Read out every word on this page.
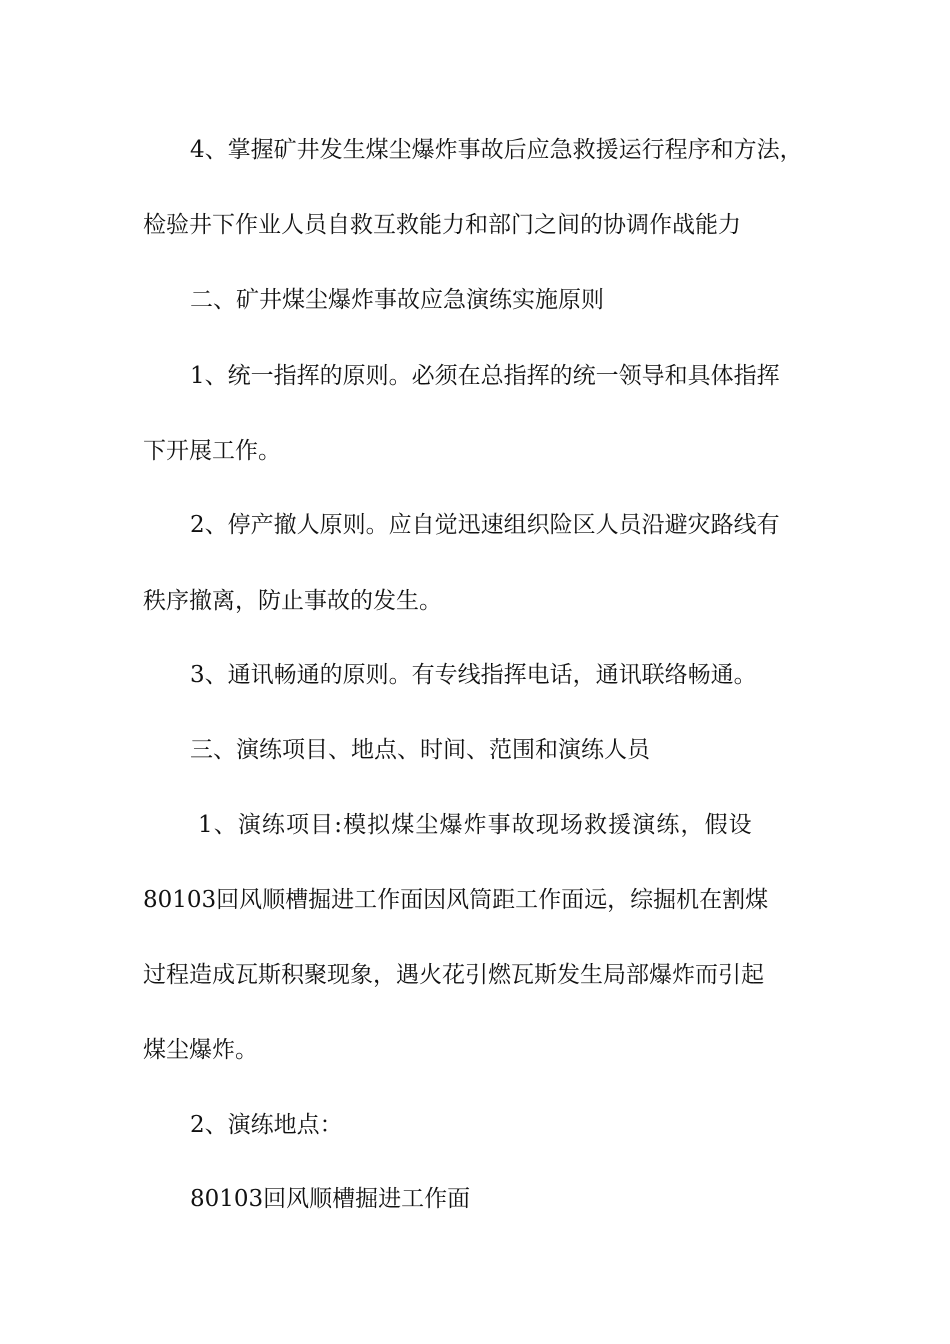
4、掌握矿井发生煤尘爆炸事故后应急救援运行程序和方法，
检验井下作业人员自救互救能力和部门之间的协调作战能力
二、矿井煤尘爆炸事故应急演练实施原则
1、统一指挥的原则。必须在总指挥的统一领导和具体指挥
下开展工作。
2、停产撤人原则。应自觉迅速组织险区人员沿避灾路线有
秩序撤离，防止事故的发生。
3、通讯畅通的原则。有专线指挥电话，通讯联络畅通。
三、演练项目、地点、时间、范围和演练人员
1、演练项目:模拟煤尘爆炸事故现场救援演练，假设
80103回风顺槽掘进工作面因风筒距工作面远，综掘机在割煤
过程造成瓦斯积聚现象，遇火花引燃瓦斯发生局部爆炸而引起
煤尘爆炸。
2、演练地点：
80103回风顺槽掘进工作面
